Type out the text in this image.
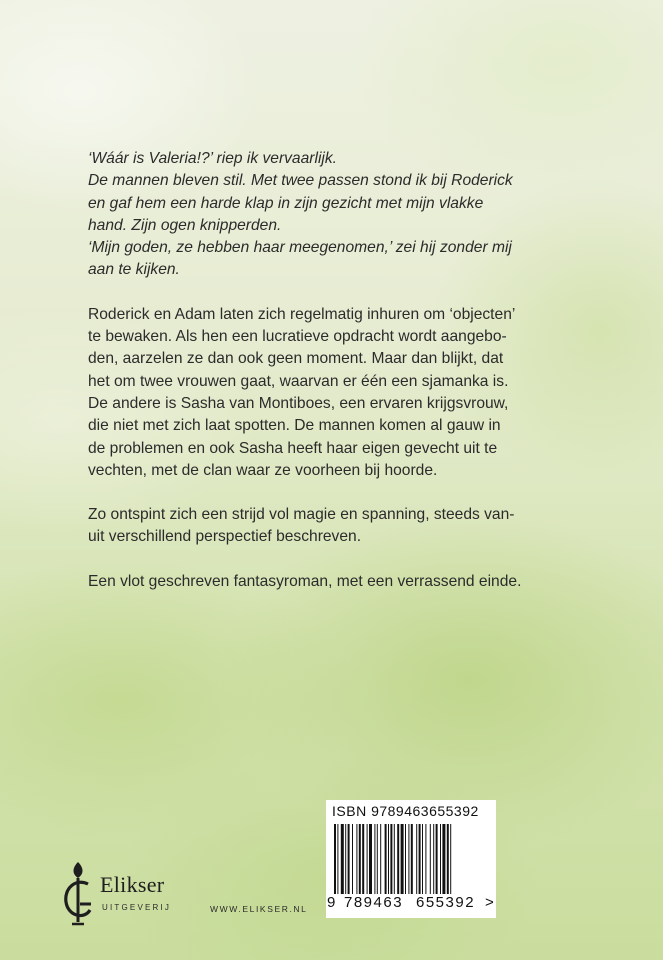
‘Wáár is Valeria!?’ riep ik vervaarlijk.
De mannen bleven stil. Met twee passen stond ik bij Roderick
en gaf hem een harde klap in zijn gezicht met mijn vlakke
hand. Zijn ogen knipperden.
‘Mijn goden, ze hebben haar meegenomen,’ zei hij zonder mij
aan te kijken.

Roderick en Adam laten zich regelmatig inhuren om ‘objecten’
te bewaken. Als hen een lucratieve opdracht wordt aangebo-
den, aarzelen ze dan ook geen moment. Maar dan blijkt, dat
het om twee vrouwen gaat, waarvan er één een sjamanka is.
De andere is Sasha van Montiboes, een ervaren krijgsvrouw,
die niet met zich laat spotten. De mannen komen al gauw in
de problemen en ook Sasha heeft haar eigen gevecht uit te
vechten, met de clan waar ze voorheen bij hoorde.

Zo ontspint zich een strijd vol magie en spanning, steeds van-
uit verschillend perspectief beschreven.

Een vlot geschreven fantasyroman, met een verrassend einde.

ISBN 9789463655392
9 789463 655392 >
Elikser
UITGEVERIJ	WWW.ELIKSER.NL
